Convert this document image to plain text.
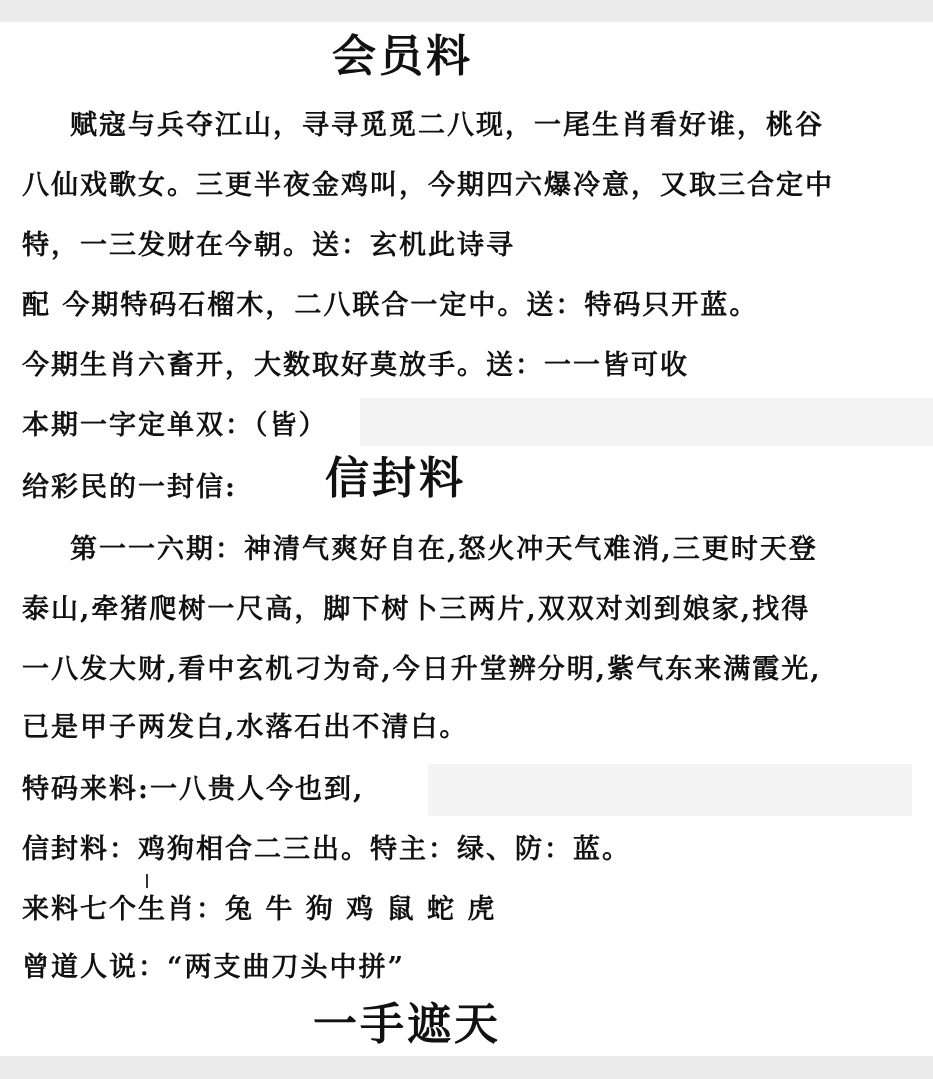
会员料
赋寇与兵夺江山，寻寻觅觅二八现，一尾生肖看好谁，桃谷
八仙戏歌女。三更半夜金鸡叫，今期四六爆冷意，又取三合定中
特，一三发财在今朝。送：玄机此诗寻
配 今期特码石榴木，二八联合一定中。送：特码只开蓝。
今期生肖六畜开，大数取好莫放手。送：一一皆可收
本期一字定单双：（皆）
给彩民的一封信: 信封料
第一一六期：神清气爽好自在,怒火冲天气难消,三更时天登
泰山,牵猪爬树一尺高，脚下树卜三两片,双双对刘到娘家,找得
一八发大财,看中玄机刁为奇,今日升堂辨分明,紫气东来满霞光,
已是甲子两发白,水落石出不清白。
特码来料:一八贵人今也到,
信封料：鸡狗相合二三出。特主：绿、防：蓝。
来料七个生肖：兔 牛 狗 鸡 鼠 蛇 虎
曾道人说：“两支曲刀头中拼”
一手遮天
